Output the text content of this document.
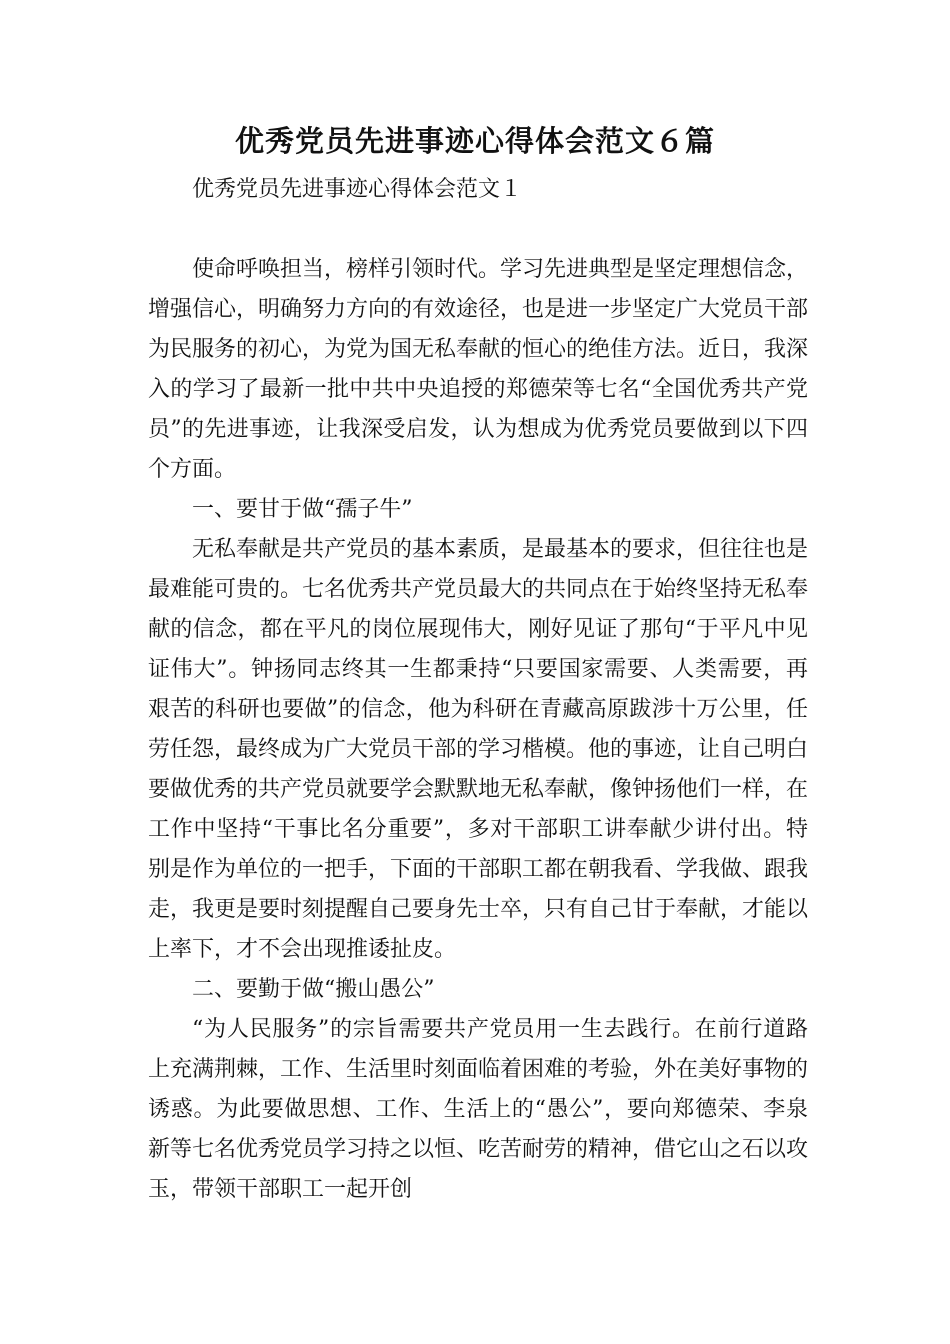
优秀党员先进事迹心得体会范文６篇

优秀党员先进事迹心得体会范文１

使命呼唤担当，榜样引领时代。学习先进典型是坚定理想信念，增强信心，明确努力方向的有效途径，也是进一步坚定广大党员干部为民服务的初心，为党为国无私奉献的恒心的绝佳方法。近日，我深入的学习了最新一批中共中央追授的郑德荣等七名“全国优秀共产党员”的先进事迹，让我深受启发，认为想成为优秀党员要做到以下四个方面。

一、要甘于做“孺子牛”

无私奉献是共产党员的基本素质，是最基本的要求，但往往也是最难能可贵的。七名优秀共产党员最大的共同点在于始终坚持无私奉献的信念，都在平凡的岗位展现伟大，刚好见证了那句“于平凡中见证伟大”。钟扬同志终其一生都秉持“只要国家需要、人类需要，再艰苦的科研也要做”的信念，他为科研在青藏高原跋涉十万公里，任劳任怨，最终成为广大党员干部的学习楷模。他的事迹，让自己明白要做优秀的共产党员就要学会默默地无私奉献，像钟扬他们一样，在工作中坚持“干事比名分重要”，多对干部职工讲奉献少讲付出。特别是作为单位的一把手，下面的干部职工都在朝我看、学我做、跟我走，我更是要时刻提醒自己要身先士卒，只有自己甘于奉献，才能以上率下，才不会出现推诿扯皮。

二、要勤于做“搬山愚公”

“为人民服务”的宗旨需要共产党员用一生去践行。在前行道路上充满荆棘，工作、生活里时刻面临着困难的考验，外在美好事物的诱惑。为此要做思想、工作、生活上的“愚公”，要向郑德荣、李泉新等七名优秀党员学习持之以恒、吃苦耐劳的精神，借它山之石以攻玉，带领干部职工一起开创
